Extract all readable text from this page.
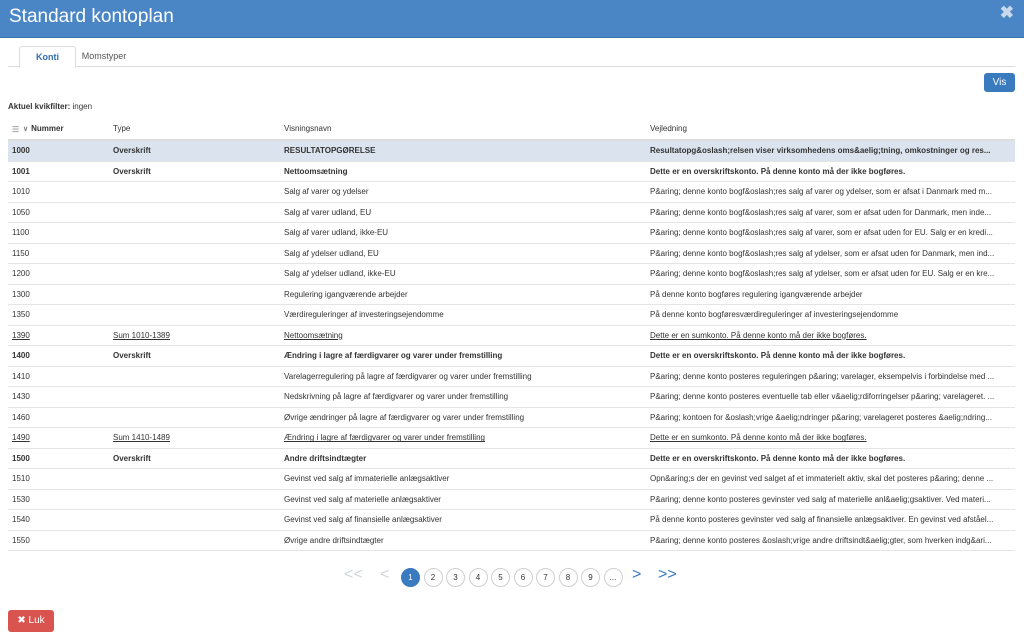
Standard kontoplan	✖
Konti	Momstyper
Vis
Aktuel kvikfilter: ingen
☰ ∨ Nummer	Type	Visningsnavn	Vejledning
1000	Overskrift	RESULTATOPGØRELSE	Resultatopg&oslash;relsen viser virksomhedens oms&aelig;tning, omkostninger og res...
1001	Overskrift	Nettoomsætning	Dette er en overskriftskonto. På denne konto må der ikke bogføres.
1010		Salg af varer og ydelser	P&aring; denne konto bogf&oslash;res salg af varer og ydelser, som er afsat i Danmark med m...
1050		Salg af varer udland, EU	P&aring; denne konto bogf&oslash;res salg af varer, som er afsat uden for Danmark, men inde...
1100		Salg af varer udland, ikke-EU	P&aring; denne konto bogf&oslash;res salg af varer, som er afsat uden for EU. Salg er en kredi...
1150		Salg af ydelser udland, EU	P&aring; denne konto bogf&oslash;res salg af ydelser, som er afsat uden for Danmark, men ind...
1200		Salg af ydelser udland, ikke-EU	P&aring; denne konto bogf&oslash;res salg af ydelser, som er afsat uden for EU. Salg er en kre...
1300		Regulering igangværende arbejder	På denne konto bogføres regulering igangværende arbejder
1350		Værdireguleringer af investeringsejendomme	På denne konto bogføresværdireguleringer af investeringsejendomme
1390	Sum 1010-1389	Nettoomsætning	Dette er en sumkonto. På denne konto må der ikke bogføres.
1400	Overskrift	Ændring i lagre af færdigvarer og varer under fremstilling	Dette er en overskriftskonto. På denne konto må der ikke bogføres.
1410		Varelagerregulering på lagre af færdigvarer og varer under fremstilling	P&aring; denne konto posteres reguleringen p&aring; varelager, eksempelvis i forbindelse med ...
1430		Nedskrivning på lagre af færdigvarer og varer under fremstilling	P&aring; denne konto posteres eventuelle tab eller v&aelig;rdiforringelser p&aring; varelageret. ...
1460		Øvrige ændringer på lagre af færdigvarer og varer under fremstilling	P&aring; kontoen for &oslash;vrige &aelig;ndringer p&aring; varelageret posteres &aelig;ndring...
1490	Sum 1410-1489	Ændring i lagre af færdigvarer og varer under fremstilling	Dette er en sumkonto. På denne konto må der ikke bogføres.
1500	Overskrift	Andre driftsindtægter	Dette er en overskriftskonto. På denne konto må der ikke bogføres.
1510		Gevinst ved salg af immaterielle anlægsaktiver	Opn&aring;s der en gevinst ved salget af et immaterielt aktiv, skal det posteres p&aring; denne ...
1530		Gevinst ved salg af materielle anlægsaktiver	P&aring; denne konto posteres gevinster ved salg af materielle anl&aelig;gsaktiver. Ved materi...
1540		Gevinst ved salg af finansielle anlægsaktiver	På denne konto posteres gevinster ved salg af finansielle anlægsaktiver. En gevinst ved afståel...
1550		Øvrige andre driftsindtægter	P&aring; denne konto posteres &oslash;vrige andre driftsindt&aelig;gter, som hverken indg&ari...
<< <	1	2	3	4	5	6	7	8	9	... > >>
✖ Luk
